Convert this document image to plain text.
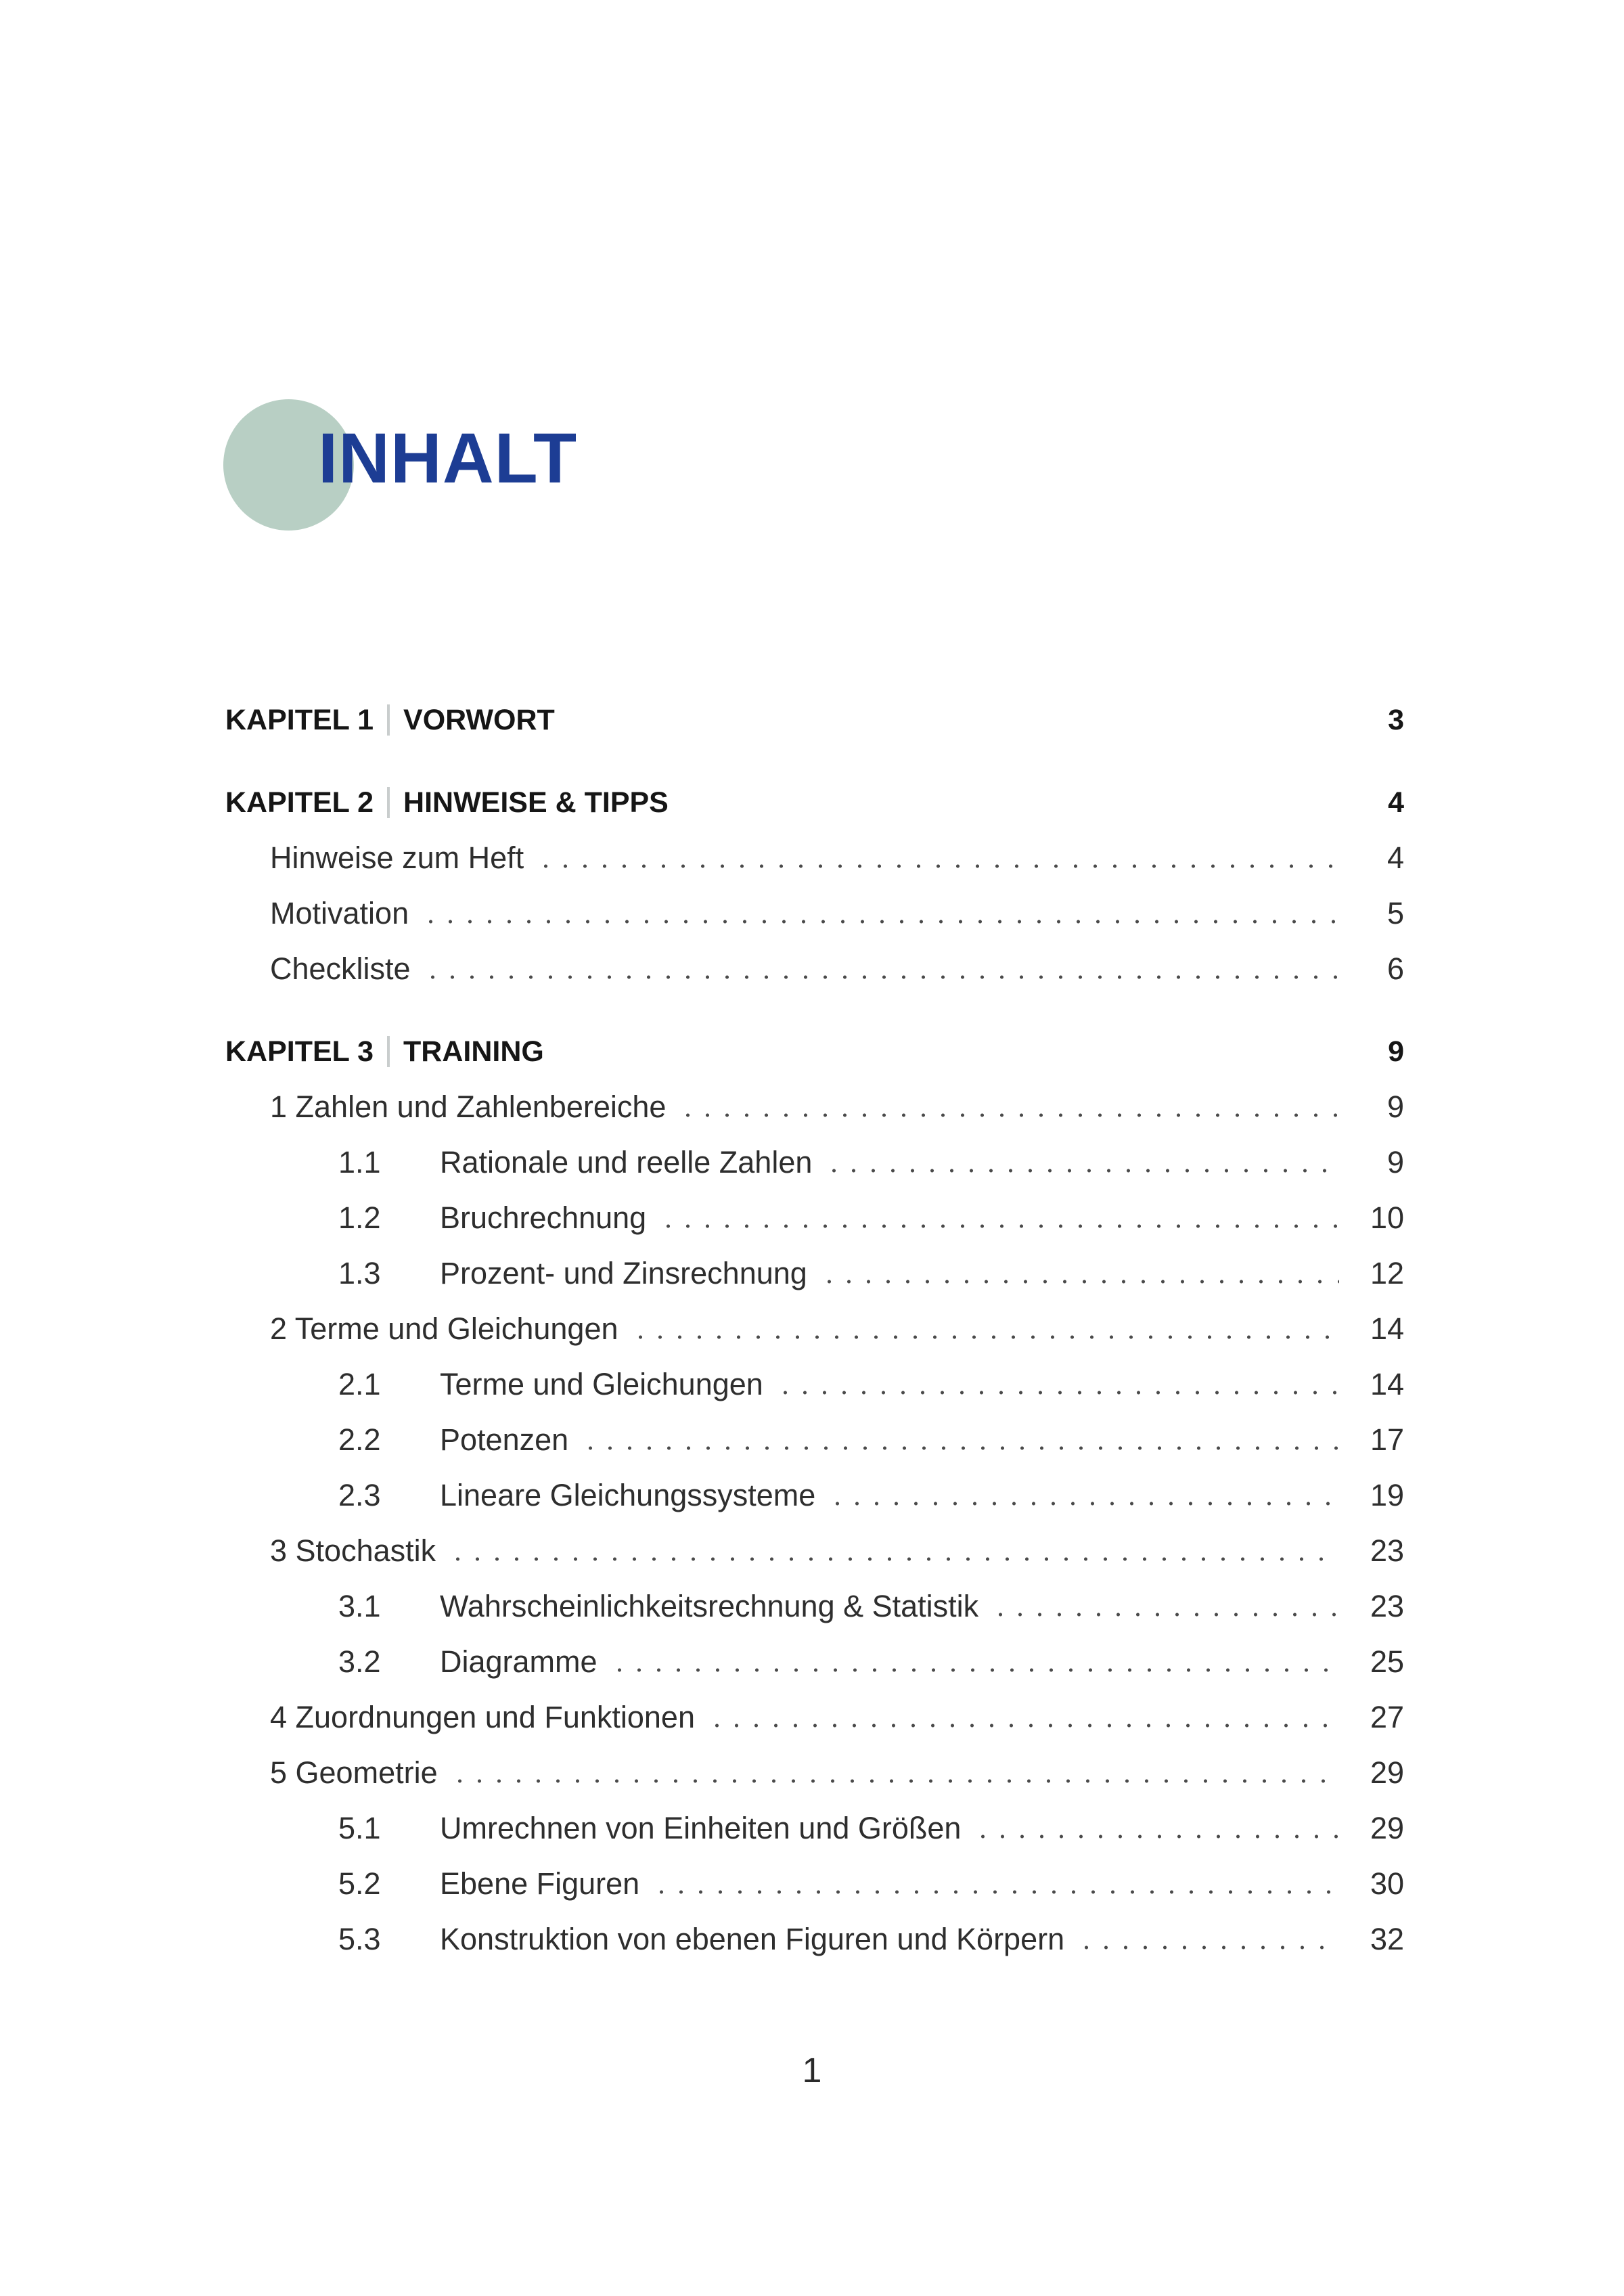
INHALT
KAPITEL 1 VORWORT	3
KAPITEL 2 HINWEISE & TIPPS	4
Hinweise zum Heft	4
Motivation	5
Checkliste	6
KAPITEL 3 TRAINING	9
1 Zahlen und Zahlenbereiche	9
1.1	Rationale und reelle Zahlen	9
1.2	Bruchrechnung	10
1.3	Prozent- und Zinsrechnung	12
2 Terme und Gleichungen	14
2.1	Terme und Gleichungen	14
2.2	Potenzen	17
2.3	Lineare Gleichungssysteme	19
3 Stochastik	23
3.1	Wahrscheinlichkeitsrechnung & Statistik	23
3.2	Diagramme	25
4 Zuordnungen und Funktionen	27
5 Geometrie	29
5.1	Umrechnen von Einheiten und Größen	29
5.2	Ebene Figuren	30
5.3	Konstruktion von ebenen Figuren und Körpern	32
1
